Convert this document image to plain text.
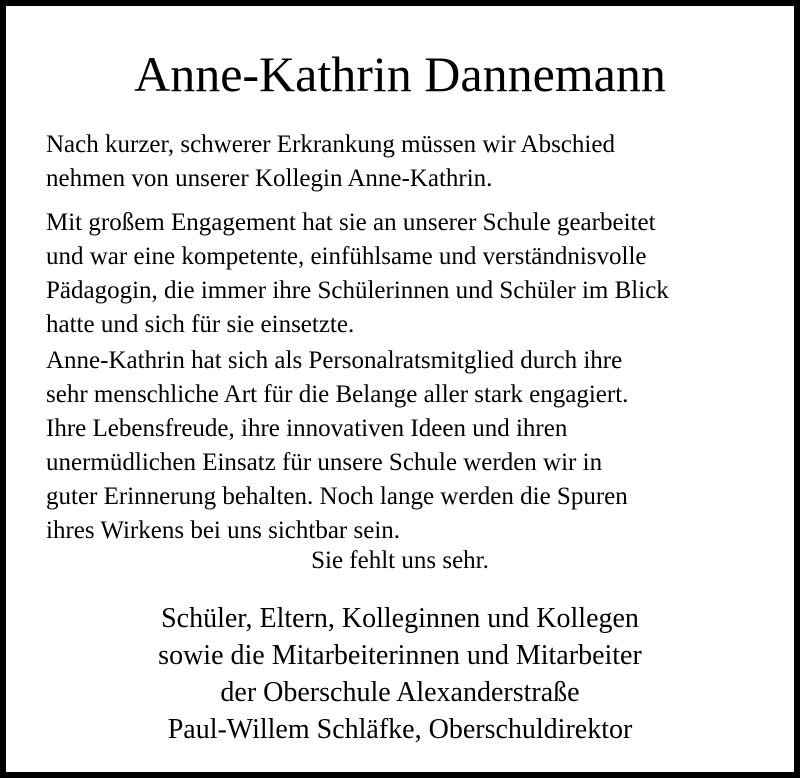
Anne-Kathrin Dannemann
Nach kurzer, schwerer Erkrankung müssen wir Abschied
nehmen von unserer Kollegin Anne-Kathrin.
Mit großem Engagement hat sie an unserer Schule gearbeitet
und war eine kompetente, einfühlsame und verständnisvolle
Pädagogin, die immer ihre Schülerinnen und Schüler im Blick
hatte und sich für sie einsetzte.
Anne-Kathrin hat sich als Personalratsmitglied durch ihre
sehr menschliche Art für die Belange aller stark engagiert.
Ihre Lebensfreude, ihre innovativen Ideen und ihren
unermüdlichen Einsatz für unsere Schule werden wir in
guter Erinnerung behalten. Noch lange werden die Spuren
ihres Wirkens bei uns sichtbar sein.
Sie fehlt uns sehr.
Schüler, Eltern, Kolleginnen und Kollegen
sowie die Mitarbeiterinnen und Mitarbeiter
der Oberschule Alexanderstraße
Paul-Willem Schläfke, Oberschuldirektor
